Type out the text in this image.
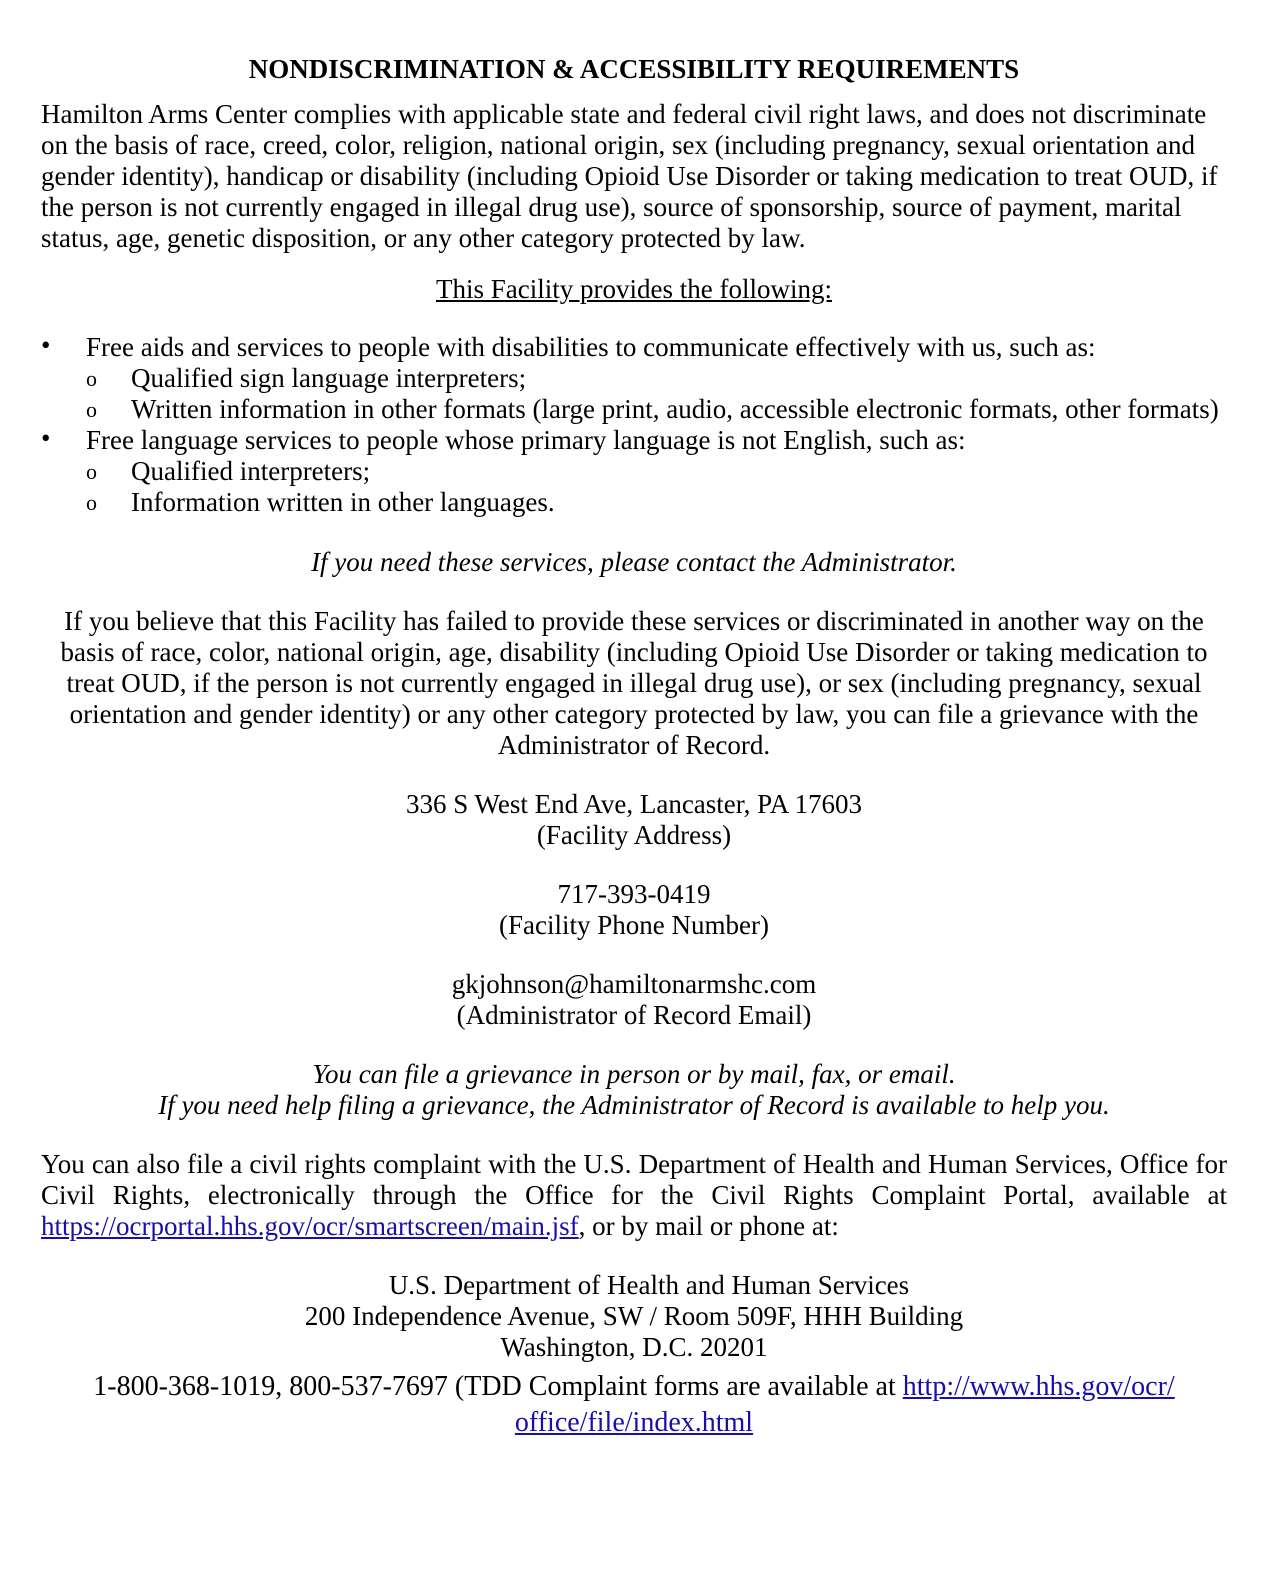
NONDISCRIMINATION & ACCESSIBILITY REQUIREMENTS

Hamilton Arms Center complies with applicable state and federal civil right laws, and does not discriminate on the basis of race, creed, color, religion, national origin, sex (including pregnancy, sexual orientation and gender identity), handicap or disability (including Opioid Use Disorder or taking medication to treat OUD, if the person is not currently engaged in illegal drug use), source of sponsorship, source of payment, marital status, age, genetic disposition, or any other category protected by law.

This Facility provides the following:

• Free aids and services to people with disabilities to communicate effectively with us, such as:
o Qualified sign language interpreters;
o Written information in other formats (large print, audio, accessible electronic formats, other formats)
• Free language services to people whose primary language is not English, such as:
o Qualified interpreters;
o Information written in other languages.

If you need these services, please contact the Administrator.

If you believe that this Facility has failed to provide these services or discriminated in another way on the basis of race, color, national origin, age, disability (including Opioid Use Disorder or taking medication to treat OUD, if the person is not currently engaged in illegal drug use), or sex (including pregnancy, sexual orientation and gender identity) or any other category protected by law, you can file a grievance with the Administrator of Record.

336 S West End Ave, Lancaster, PA 17603
(Facility Address)
717-393-0419
(Facility Phone Number)
gkjohnson@hamiltonarmshc.com
(Administrator of Record Email)
You can file a grievance in person or by mail, fax, or email.
If you need help filing a grievance, the Administrator of Record is available to help you.

You can also file a civil rights complaint with the U.S. Department of Health and Human Services, Office for Civil Rights, electronically through the Office for the Civil Rights Complaint Portal, available at https://ocrportal.hhs.gov/ocr/smartscreen/main.jsf, or by mail or phone at:

U.S. Department of Health and Human Services
200 Independence Avenue, SW / Room 509F, HHH Building
Washington, D.C. 20201
1-800-368-1019, 800-537-7697 (TDD Complaint forms are available at http://www.hhs.gov/ocr/
office/file/index.html
